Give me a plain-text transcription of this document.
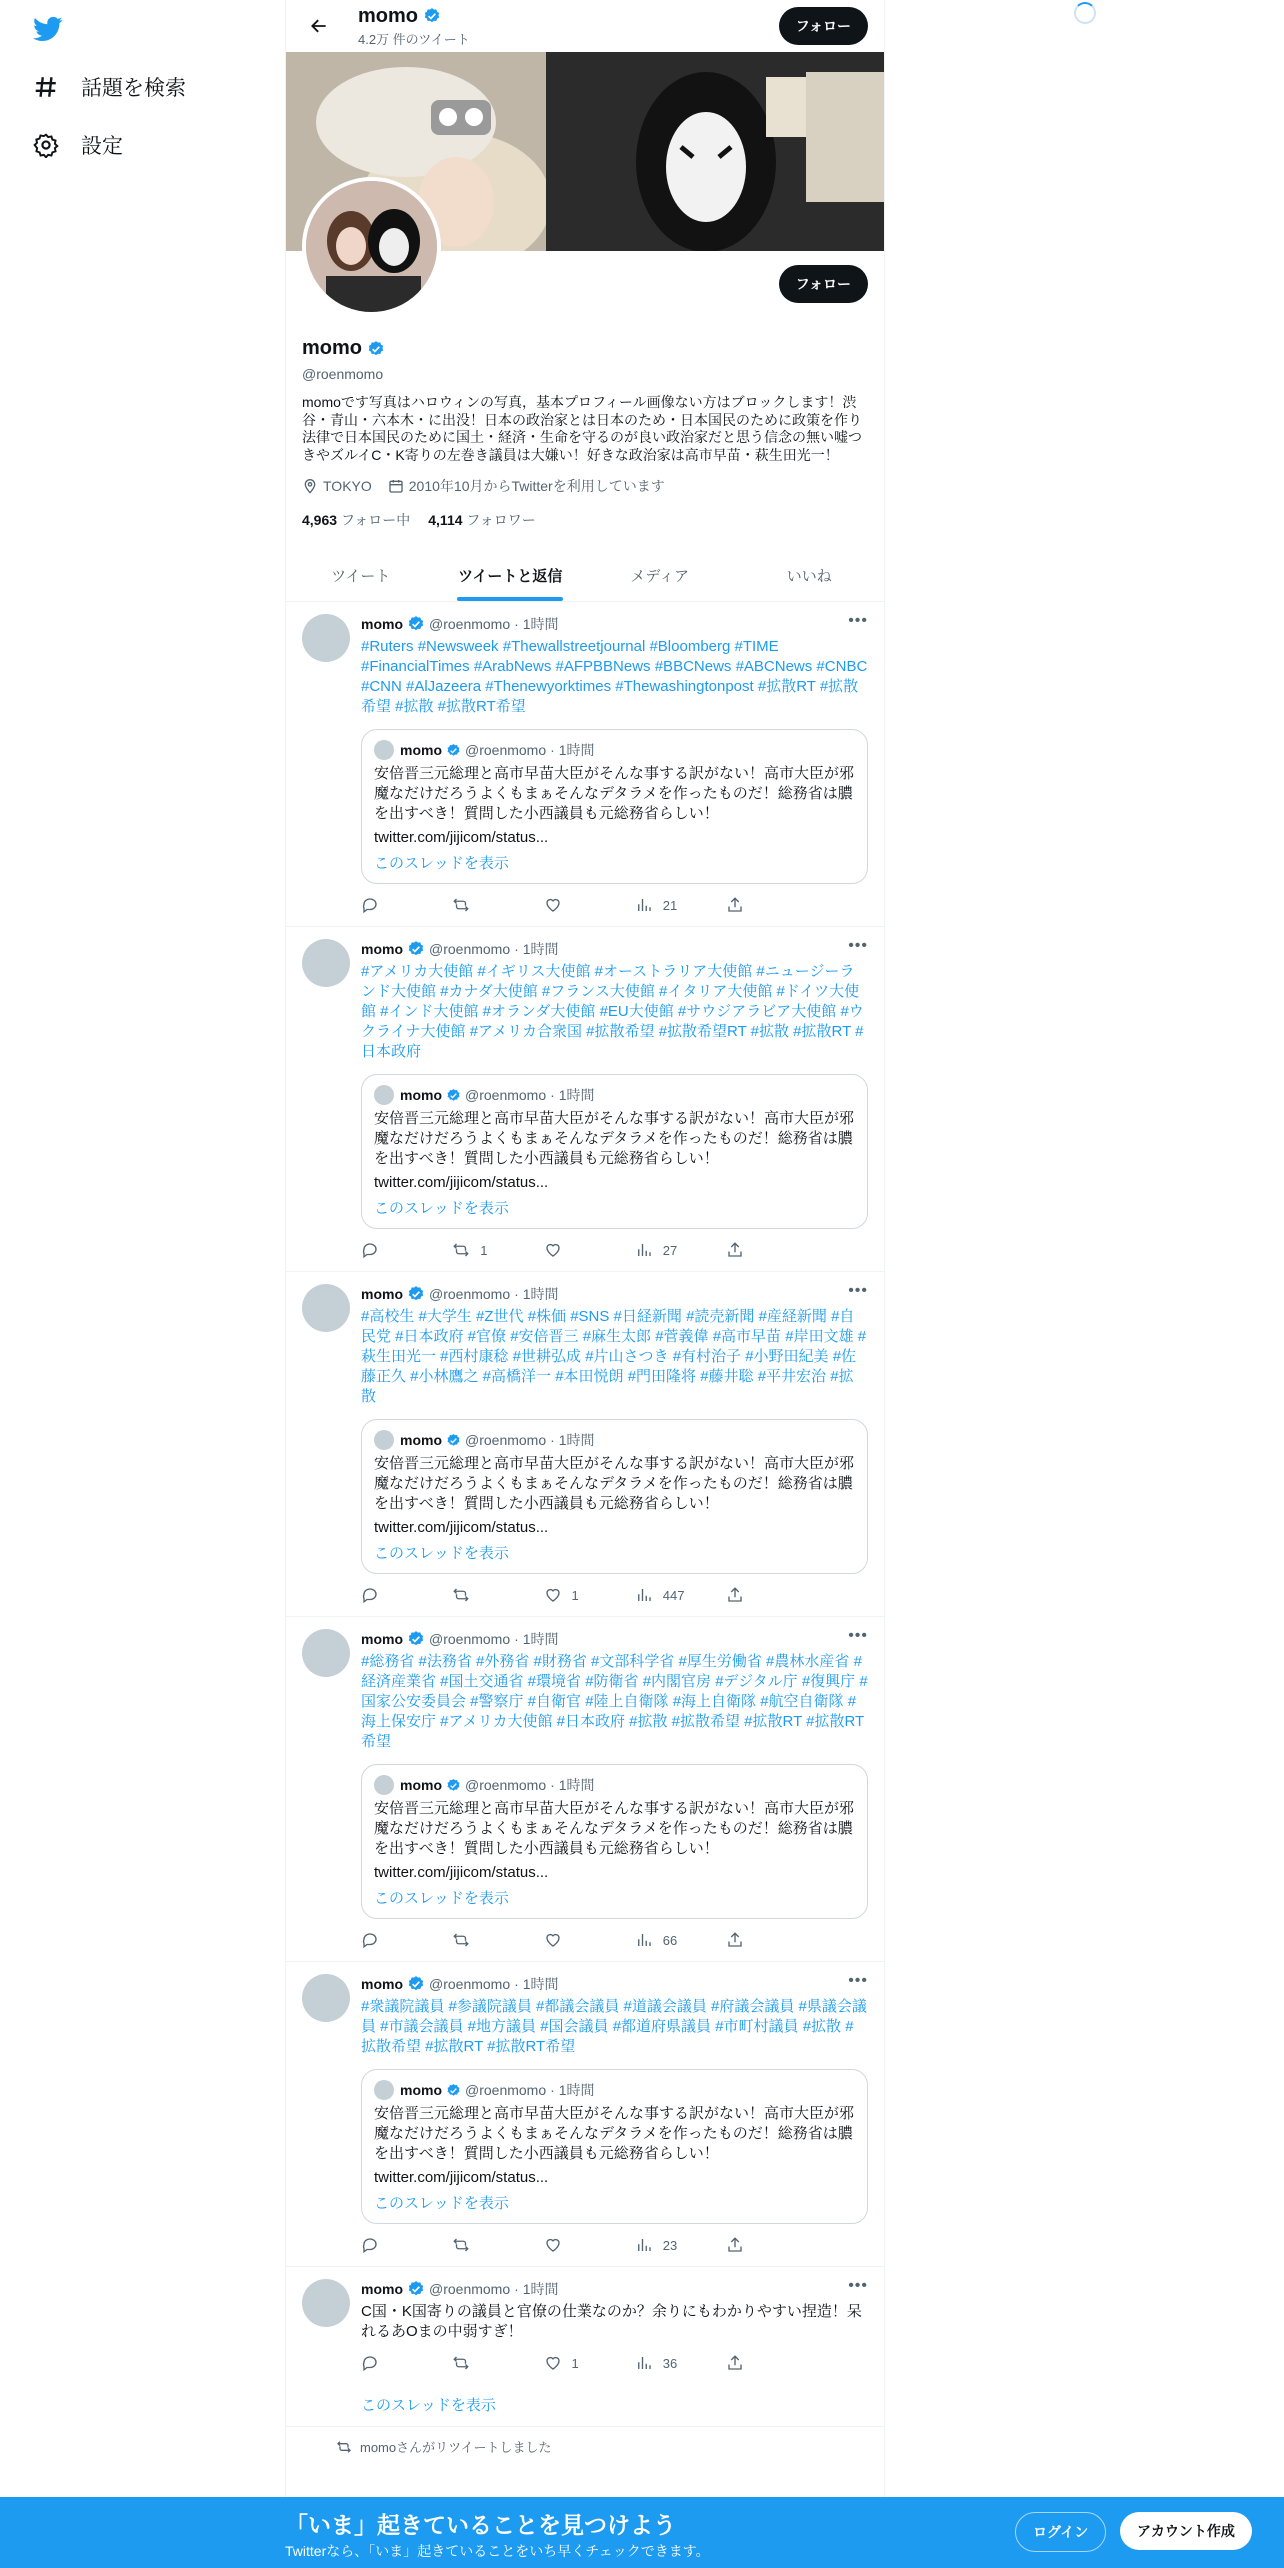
話題を検索
設定
momo
4.2万 件のツイート
フォロー
フォロー
momo
@roenmomo
momoです写真はハロウィンの写真，基本プロフィール画像ない方はブロックします！渋谷・青山・六本木・に出没！日本の政治家とは日本のため・日本国民のために政策を作り法律で日本国民のために国土・経済・生命を守るのが良い政治家だと思う信念の無い嘘つきやズルイC・K寄りの左巻き議員は大嫌い！好きな政治家は高市早苗・萩生田光一！
TOKYO	2010年10月からTwitterを利用しています
4,963 フォロー中 4,114 フォロワー
ツイート	ツイートと返信	メディア	いいね
momo @roenmomo · 1時間	•••
#Ruters #Newsweek #Thewallstreetjournal #Bloomberg #TIME #FinancialTimes #ArabNews #AFPBBNews #BBCNews #ABCNews #CNBC #CNN #AlJazeera #Thenewyorktimes #Thewashingtonpost #拡散RT #拡散希望 #拡散 #拡散RT希望
momo @roenmomo · 1時間
安倍晋三元総理と高市早苗大臣がそんな事する訳がない！高市大臣が邪魔なだけだろうよくもまぁそんなデタラメを作ったものだ！総務省は膿を出すべき！質問した小西議員も元総務省らしい！
twitter.com/jijicom/status...
このスレッドを表示
21
momo @roenmomo · 1時間	•••
#アメリカ大使館 #イギリス大使館 #オーストラリア大使館 #ニュージーランド大使館 #カナダ大使館 #フランス大使館 #イタリア大使館 #ドイツ大使館 #インド大使館 #オランダ大使館 #EU大使館 #サウジアラビア大使館 #ウクライナ大使館 #アメリカ合衆国 #拡散希望 #拡散希望RT #拡散 #拡散RT #日本政府
momo @roenmomo · 1時間
安倍晋三元総理と高市早苗大臣がそんな事する訳がない！高市大臣が邪魔なだけだろうよくもまぁそんなデタラメを作ったものだ！総務省は膿を出すべき！質問した小西議員も元総務省らしい！
twitter.com/jijicom/status...
このスレッドを表示
1	27
momo @roenmomo · 1時間	•••
#高校生 #大学生 #Z世代 #株価 #SNS #日経新聞 #読売新聞 #産経新聞 #自民党 #日本政府 #官僚 #安倍晋三 #麻生太郎 #菅義偉 #高市早苗 #岸田文雄 #萩生田光一 #西村康稔 #世耕弘成 #片山さつき #有村治子 #小野田紀美 #佐藤正久 #小林鷹之 #高橋洋一 #本田悦朗 #門田隆将 #藤井聡 #平井宏治 #拡散
momo @roenmomo · 1時間
安倍晋三元総理と高市早苗大臣がそんな事する訳がない！高市大臣が邪魔なだけだろうよくもまぁそんなデタラメを作ったものだ！総務省は膿を出すべき！質問した小西議員も元総務省らしい！
twitter.com/jijicom/status...
このスレッドを表示
1	447
momo @roenmomo · 1時間	•••
#総務省 #法務省 #外務省 #財務省 #文部科学省 #厚生労働省 #農林水産省 #経済産業省 #国土交通省 #環境省 #防衛省 #内閣官房 #デジタル庁 #復興庁 #国家公安委員会 #警察庁 #自衛官 #陸上自衛隊 #海上自衛隊 #航空自衛隊 #海上保安庁 #アメリカ大使館 #日本政府 #拡散 #拡散希望 #拡散RT #拡散RT希望
momo @roenmomo · 1時間
安倍晋三元総理と高市早苗大臣がそんな事する訳がない！高市大臣が邪魔なだけだろうよくもまぁそんなデタラメを作ったものだ！総務省は膿を出すべき！質問した小西議員も元総務省らしい！
twitter.com/jijicom/status...
このスレッドを表示
66
momo @roenmomo · 1時間	•••
#衆議院議員 #参議院議員 #都議会議員 #道議会議員 #府議会議員 #県議会議員 #市議会議員 #地方議員 #国会議員 #都道府県議員 #市町村議員 #拡散 #拡散希望 #拡散RT #拡散RT希望
momo @roenmomo · 1時間
安倍晋三元総理と高市早苗大臣がそんな事する訳がない！高市大臣が邪魔なだけだろうよくもまぁそんなデタラメを作ったものだ！総務省は膿を出すべき！質問した小西議員も元総務省らしい！
twitter.com/jijicom/status...
このスレッドを表示
23
momo @roenmomo · 1時間	•••
C国・K国寄りの議員と官僚の仕業なのか？余りにもわかりやすい捏造！呆れるあOまの中弱すぎ！
1	36
このスレッドを表示
momoさんがリツイートしました
「いま」起きていることを見つけよう
Twitterなら、「いま」起きていることをいち早くチェックできます。
ログイン	アカウント作成
